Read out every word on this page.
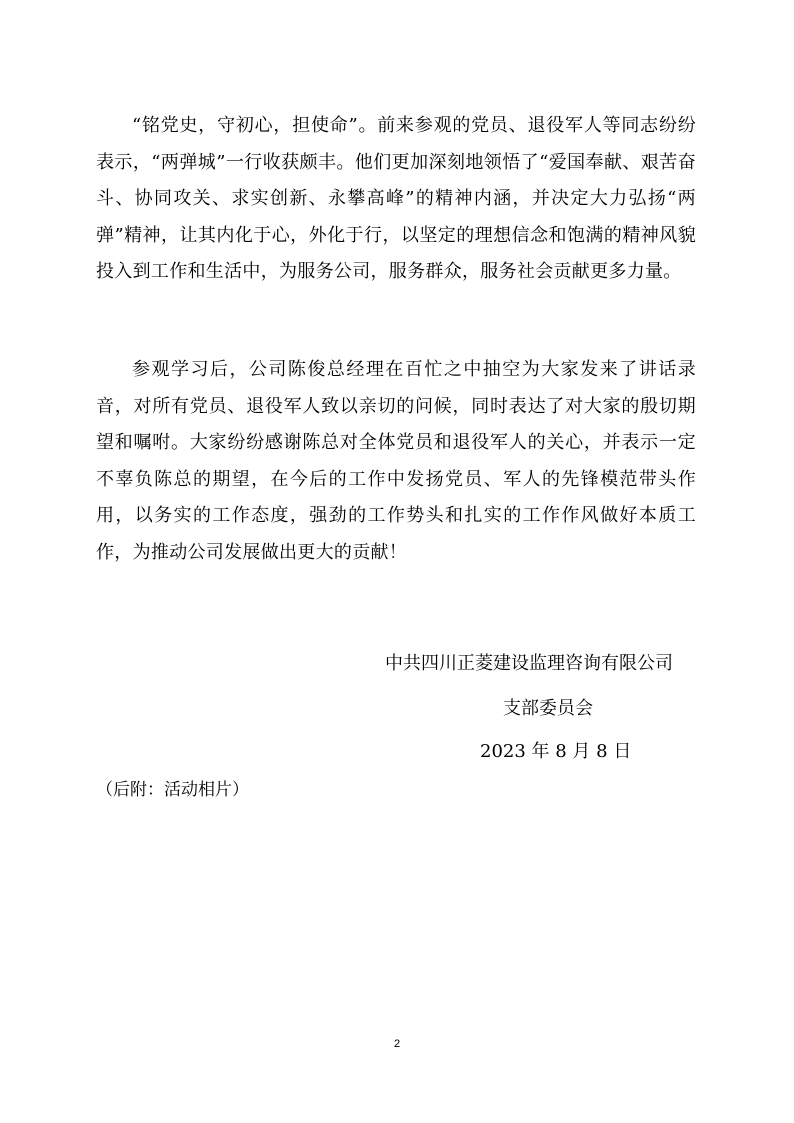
“铭党史，守初心，担使命”。前来参观的党员、退役军人等同志纷纷表示，“两弹城”一行收获颇丰。他们更加深刻地领悟了“爱国奉献、艰苦奋斗、协同攻关、求实创新、永攀高峰”的精神内涵，并决定大力弘扬“两弹”精神，让其内化于心，外化于行，以坚定的理想信念和饱满的精神风貌投入到工作和生活中，为服务公司，服务群众，服务社会贡献更多力量。

参观学习后，公司陈俊总经理在百忙之中抽空为大家发来了讲话录音，对所有党员、退役军人致以亲切的问候，同时表达了对大家的殷切期望和嘱咐。大家纷纷感谢陈总对全体党员和退役军人的关心，并表示一定不辜负陈总的期望，在今后的工作中发扬党员、军人的先锋模范带头作用，以务实的工作态度，强劲的工作势头和扎实的工作作风做好本质工作，为推动公司发展做出更大的贡献！

中共四川正菱建设监理咨询有限公司
支部委员会
2023 年 8 月 8 日
（后附：活动相片）
2
